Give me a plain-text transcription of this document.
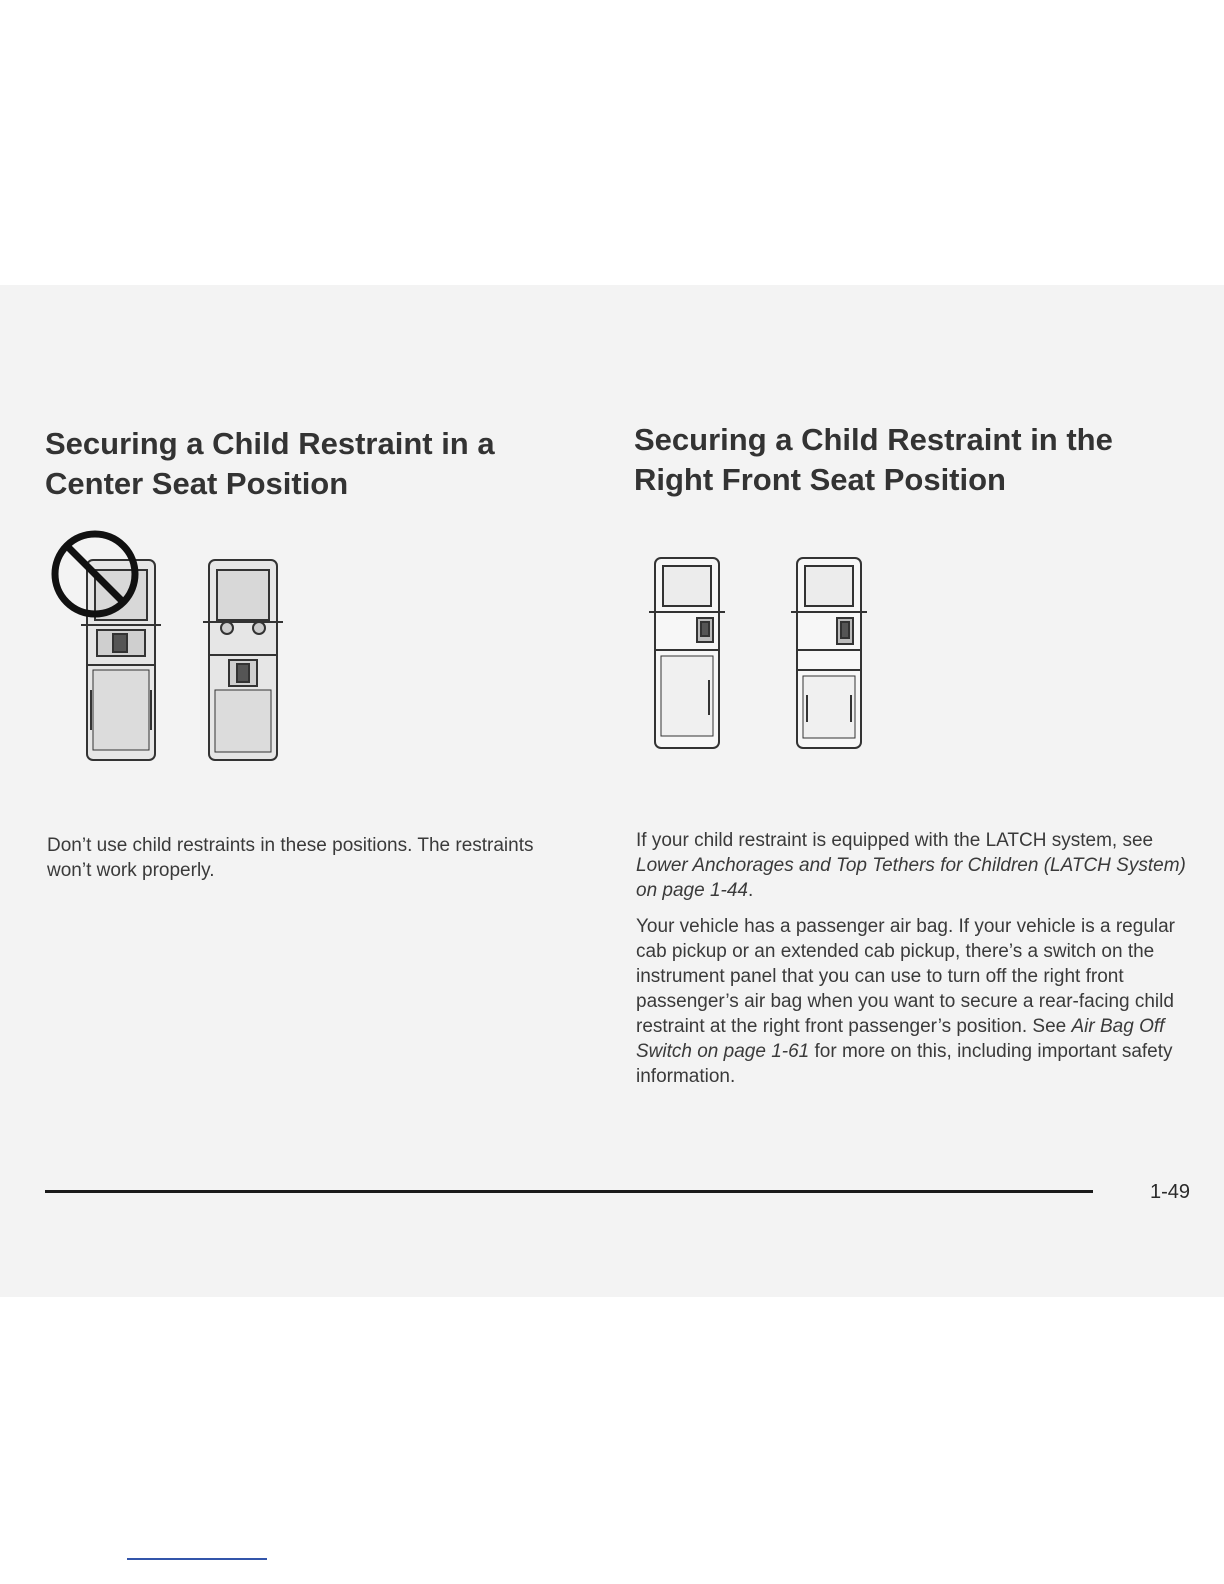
Securing a Child Restraint in a
Center Seat Position
Securing a Child Restraint in the
Right Front Seat Position

Don’t use child restraints in these positions. The restraints won’t work properly.

If your child restraint is equipped with the LATCH system, see Lower Anchorages and Top Tethers for Children (LATCH System) on page 1-44.

Your vehicle has a passenger air bag. If your vehicle is a regular cab pickup or an extended cab pickup, there’s a switch on the instrument panel that you can use to turn off the right front passenger’s air bag when you want to secure a rear-facing child restraint at the right front passenger’s position. See Air Bag Off Switch on page 1-61 for more on this, including important safety information.

1-49
